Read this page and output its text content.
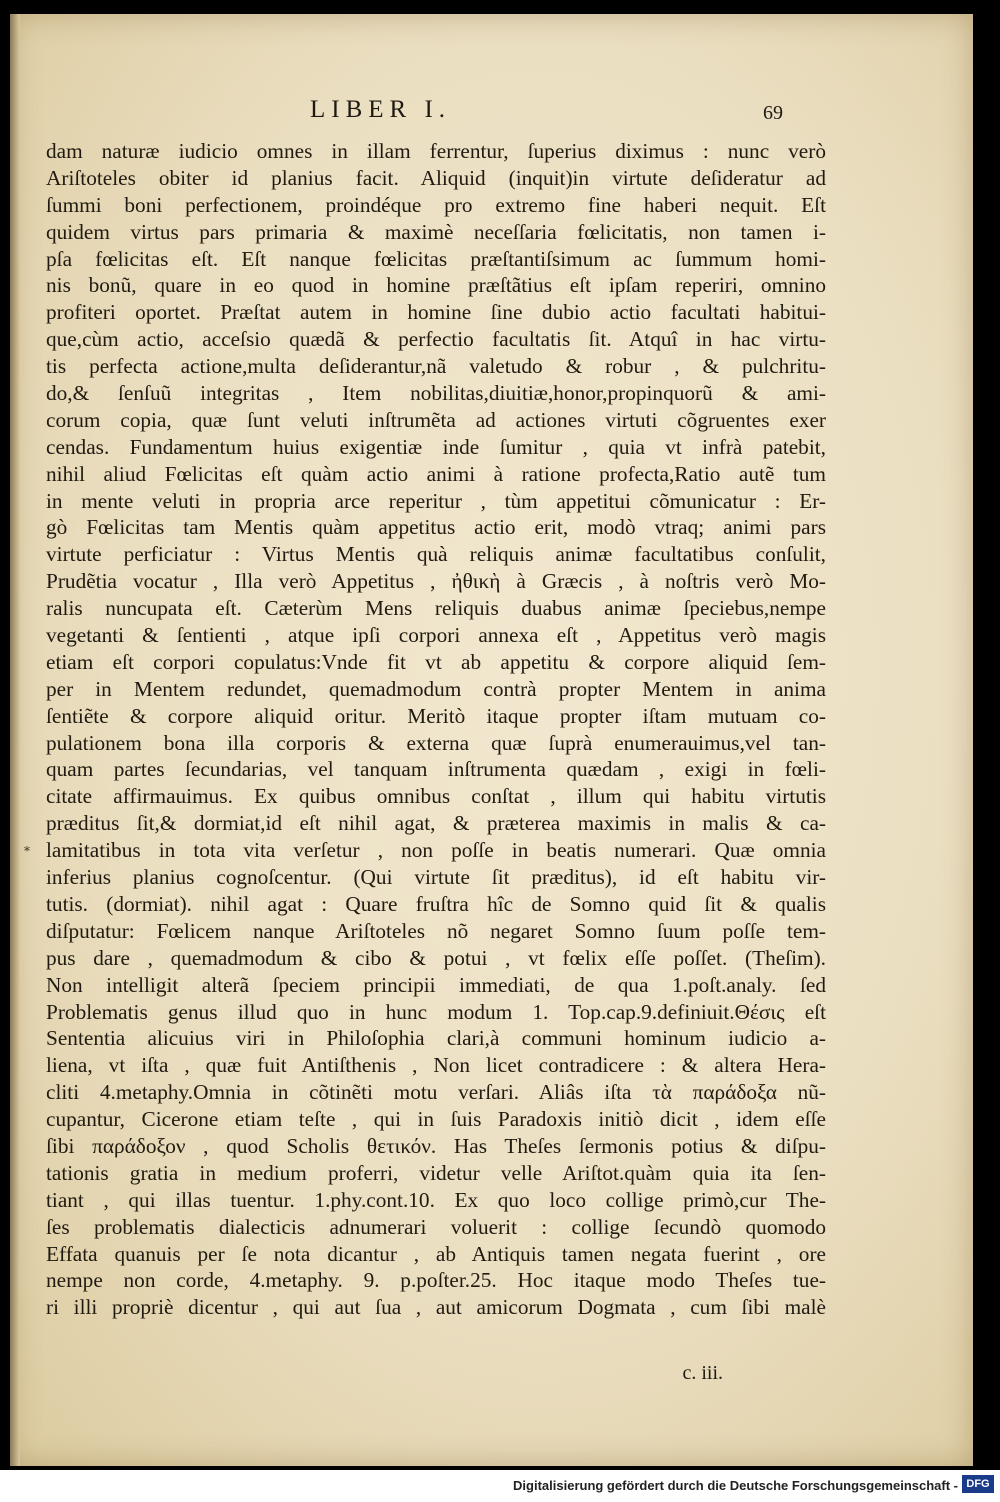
LIBER I.	69
*
dam naturæ iudicio omnes in illam ferrentur, ſuperius diximus : nunc verò
Ariſtoteles obiter id planius facit. Aliquid (inquit)in virtute deſideratur ad
ſummi boni perfectionem, proindéque pro extremo fine haberi nequit. Eſt
quidem virtus pars primaria & maximè neceſſaria fœlicitatis, non tamen i-
pſa fœlicitas eſt. Eſt nanque fœlicitas præſtantiſsimum ac ſummum homi-
nis bonũ, quare in eo quod in homine præſtãtius eſt ipſam reperiri, omnino
profiteri oportet. Præſtat autem in homine ſine dubio actio facultati habitui-
que,cùm actio, acceſsio quædã & perfectio facultatis ſit. Atquî in hac virtu-
tis perfecta actione,multa deſiderantur,nã valetudo & robur , & pulchritu-
do,& ſenſuũ integritas , Item nobilitas,diuitiæ,honor,propinquorũ & ami-
corum copia, quæ ſunt veluti inſtrumẽta ad actiones virtuti cõgruentes exer
cendas. Fundamentum huius exigentiæ inde ſumitur , quia vt infrà patebit,
nihil aliud Fœlicitas eſt quàm actio animi à ratione profecta,Ratio autẽ tum
in mente veluti in propria arce reperitur , tùm appetitui cõmunicatur : Er-
gò Fœlicitas tam Mentis quàm appetitus actio erit, modò vtraq; animi pars
virtute perficiatur : Virtus Mentis quà reliquis animæ facultatibus conſulit,
Prudẽtia vocatur , Illa verò Appetitus , ἠθικὴ à Græcis , à noſtris verò Mo-
ralis nuncupata eſt. Cæterùm Mens reliquis duabus animæ ſpeciebus,nempe
vegetanti & ſentienti , atque ipſi corpori annexa eſt , Appetitus verò magis
etiam eſt corpori copulatus:Vnde fit vt ab appetitu & corpore aliquid ſem-
per in Mentem redundet, quemadmodum contrà propter Mentem in anima
ſentiẽte & corpore aliquid oritur. Meritò itaque propter iſtam mutuam co-
pulationem bona illa corporis & externa quæ ſuprà enumerauimus,vel tan-
quam partes ſecundarias, vel tanquam inſtrumenta quædam , exigi in fœli-
citate affirmauimus. Ex quibus omnibus conſtat , illum qui habitu virtutis
præditus ſit,& dormiat,id eſt nihil agat, & præterea maximis in malis & ca-
lamitatibus in tota vita verſetur , non poſſe in beatis numerari. Quæ omnia
inferius planius cognoſcentur. (Qui virtute ſit præditus), id eſt habitu vir-
tutis. (dormiat). nihil agat : Quare fruſtra hîc de Somno quid ſit & qualis
diſputatur: Fœlicem nanque Ariſtoteles nõ negaret Somno ſuum poſſe tem-
pus dare , quemadmodum & cibo & potui , vt fœlix eſſe poſſet. (Theſim).
Non intelligit alterã ſpeciem principii immediati, de qua 1.poſt.analy. ſed
Problematis genus illud quo in hunc modum 1. Top.cap.9.definiuit.Θέσις eſt
Sententia alicuius viri in Philoſophia clari,à communi hominum iudicio a-
liena, vt iſta , quæ fuit Antiſthenis , Non licet contradicere : & altera Hera-
cliti 4.metaphy.Omnia in cõtinẽti motu verſari. Aliâs iſta τὰ παράδοξα nũ-
cupantur, Cicerone etiam teſte , qui in ſuis Paradoxis initiò dicit , idem eſſe
ſibi παράδοξον , quod Scholis θετικόν. Has Theſes ſermonis potius & diſpu-
tationis gratia in medium proferri, videtur velle Ariſtot.quàm quia ita ſen-
tiant , qui illas tuentur. 1.phy.cont.10. Ex quo loco collige primò,cur The-
ſes problematis dialecticis adnumerari voluerit : collige ſecundò quomodo
Effata quanuis per ſe nota dicantur , ab Antiquis tamen negata fuerint , ore
nempe non corde, 4.metaphy. 9. p.poſter.25. Hoc itaque modo Theſes tue-
ri illi propriè dicentur , qui aut ſua , aut amicorum Dogmata , cum ſibi malè
c. iii.
Digitalisierung gefördert durch die Deutsche Forschungsgemeinschaft - DFG
